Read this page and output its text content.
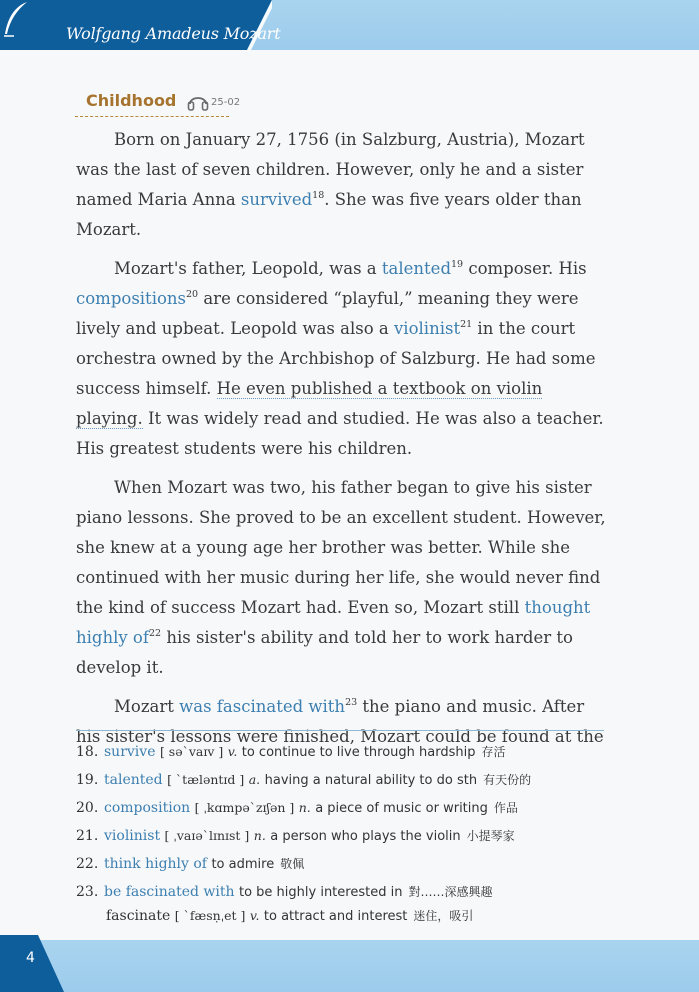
Wolfgang Amadeus Mozart
Childhood	25-02

Born on January 27, 1756 (in Salzburg, Austria), Mozart was the last of seven children. However, only he and a sister named Maria Anna survived$^{18}$. She was five years older than Mozart.

Mozart's father, Leopold, was a talented$^{19}$ composer. His compositions$^{20}$ are considered “playful,” meaning they were lively and upbeat. Leopold was also a violinist$^{21}$ in the court orchestra owned by the Archbishop of Salzburg. He had some success himself. He even published a textbook on violin playing. It was widely read and studied. He was also a teacher. His greatest students were his children.

When Mozart was two, his father began to give his sister piano lessons. She proved to be an excellent student. However, she knew at a young age her brother was better. While she continued with her music during her life, she would never find the kind of success Mozart had. Even so, Mozart still thought highly $of^{22}$ his sister's ability and told her to work harder to develop it.

Mozart was fascinated with$^{23}$ the piano and music. After his sister's lessons were finished, Mozart could be found at the

18. survive [ sə`vaɪv ] v. to continue to live through hardship 存活
19. talented [ `tæləntɪd ] a. having a natural ability to do sth 有天份的
20. composition [ ˌkɑmpə`zɪʃən ] n. a piece of music or writing 作品
21. violinist [ ˌvaɪə`lɪnɪst ] n. a person who plays the violin 小提琴家
22. think highly of to admire 敬佩
23. be fascinated with to be highly interested in 對……深感興趣
fascinate [ `fæsṇˌet ] v. to attract and interest 迷住，吸引
4
